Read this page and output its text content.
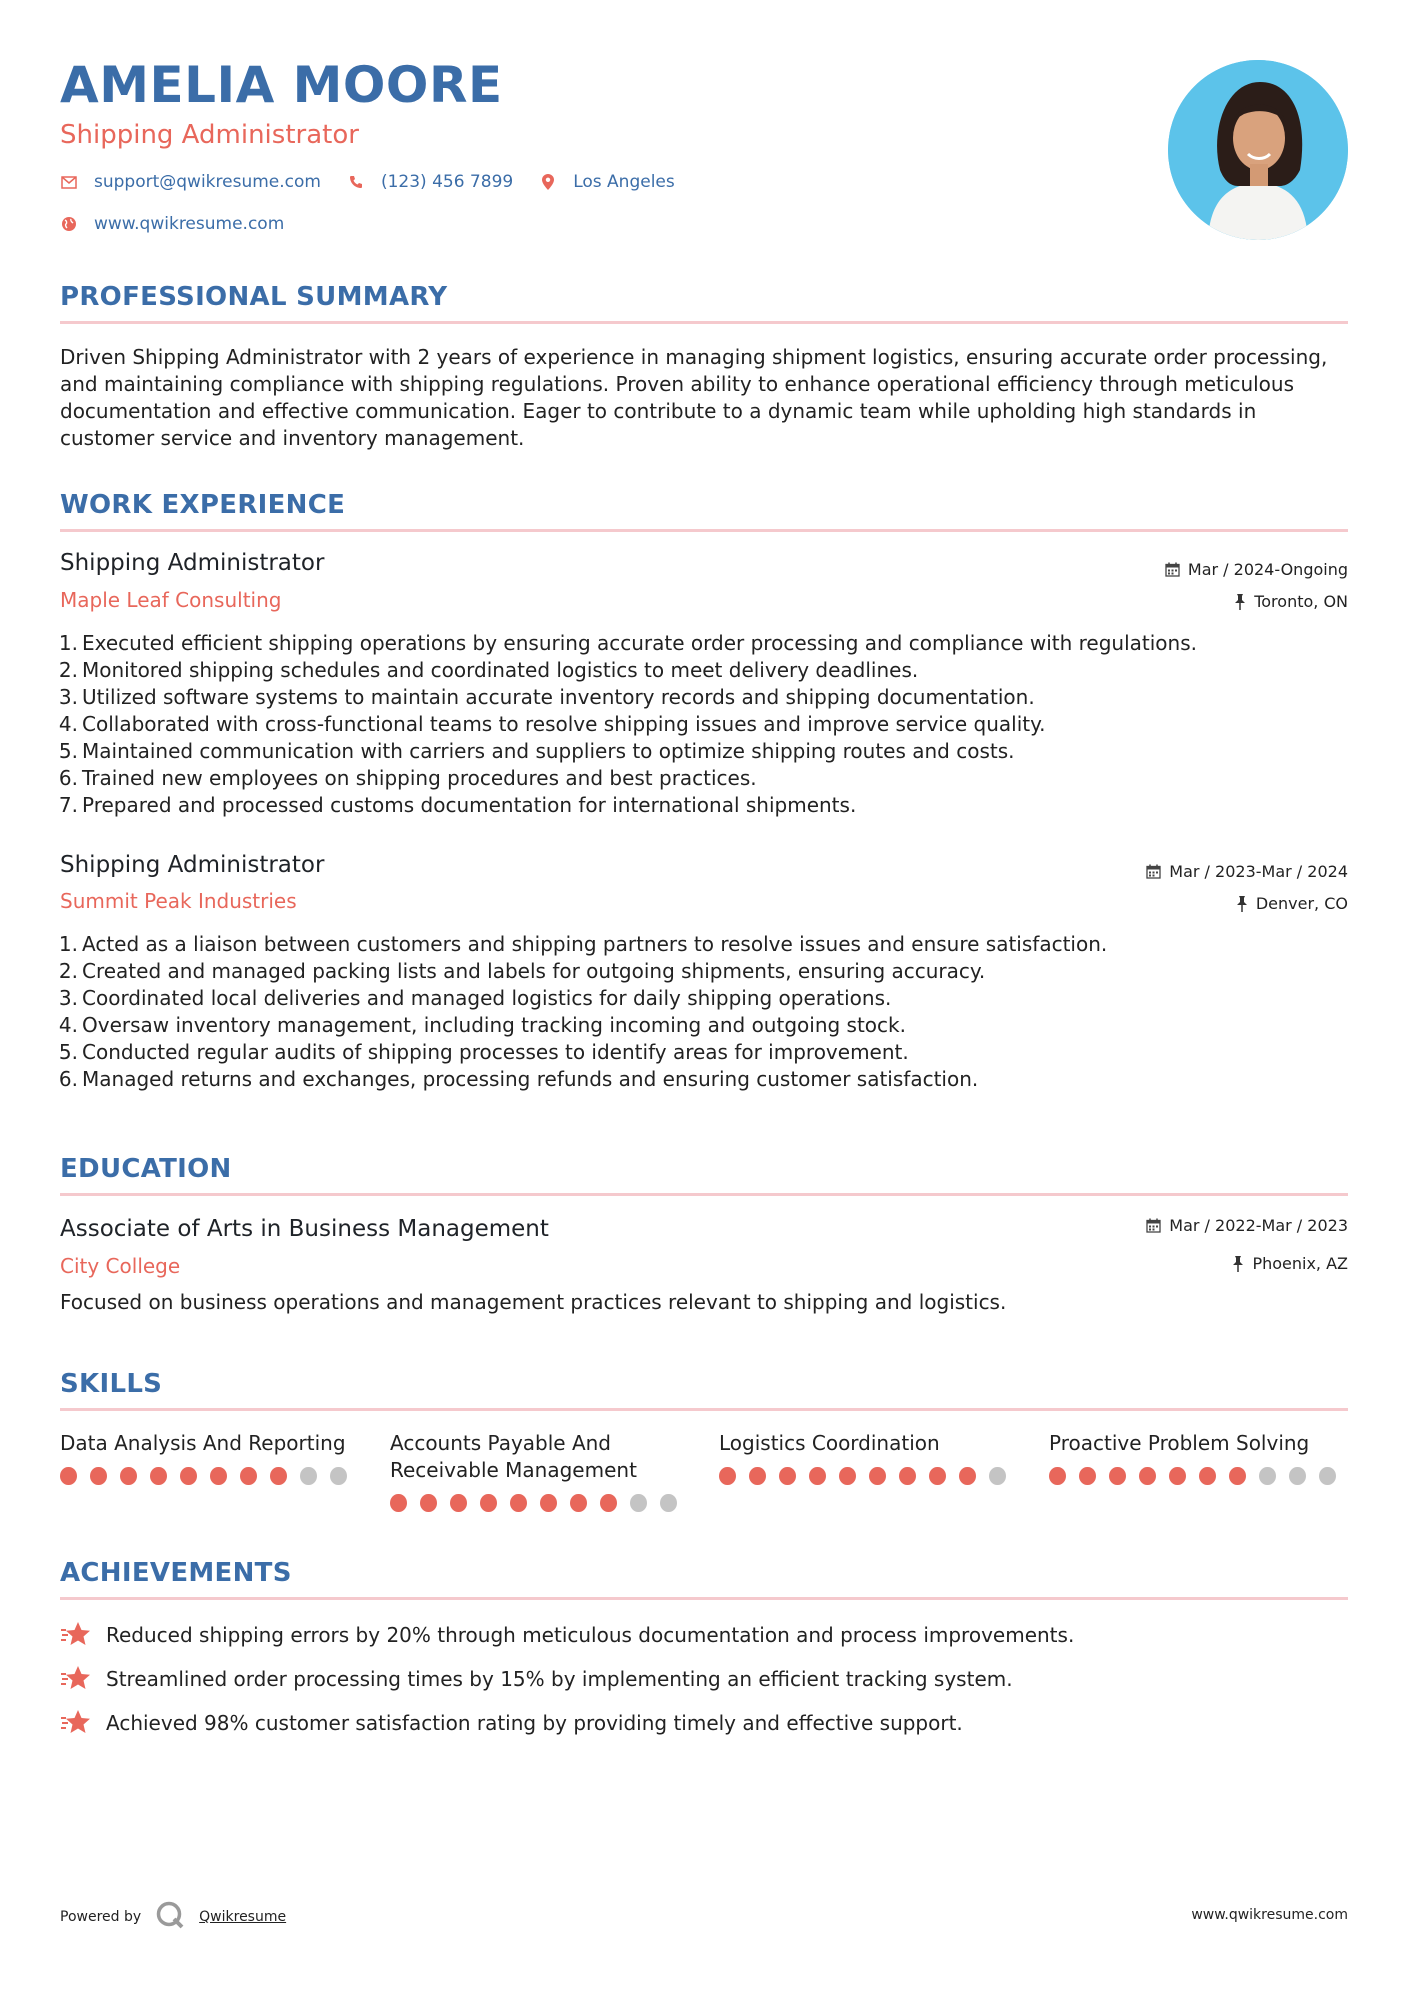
AMELIA MOORE
Shipping Administrator
support@qwikresume.com	(123) 456 7899	Los Angeles
www.qwikresume.com
PROFESSIONAL SUMMARY
Driven Shipping Administrator with 2 years of experience in managing shipment logistics, ensuring accurate order processing, and maintaining compliance with shipping regulations. Proven ability to enhance operational efficiency through meticulous documentation and effective communication. Eager to contribute to a dynamic team while upholding high standards in customer service and inventory management.
WORK EXPERIENCE
Shipping Administrator
Maple Leaf Consulting
Mar / 2024-Ongoing
Toronto, ON
1. Executed efficient shipping operations by ensuring accurate order processing and compliance with regulations.
2. Monitored shipping schedules and coordinated logistics to meet delivery deadlines.
3. Utilized software systems to maintain accurate inventory records and shipping documentation.
4. Collaborated with cross-functional teams to resolve shipping issues and improve service quality.
5. Maintained communication with carriers and suppliers to optimize shipping routes and costs.
6. Trained new employees on shipping procedures and best practices.
7. Prepared and processed customs documentation for international shipments.
Shipping Administrator
Summit Peak Industries
Mar / 2023-Mar / 2024
Denver, CO
1. Acted as a liaison between customers and shipping partners to resolve issues and ensure satisfaction.
2. Created and managed packing lists and labels for outgoing shipments, ensuring accuracy.
3. Coordinated local deliveries and managed logistics for daily shipping operations.
4. Oversaw inventory management, including tracking incoming and outgoing stock.
5. Conducted regular audits of shipping processes to identify areas for improvement.
6. Managed returns and exchanges, processing refunds and ensuring customer satisfaction.
EDUCATION
Associate of Arts in Business Management
City College
Mar / 2022-Mar / 2023
Phoenix, AZ
Focused on business operations and management practices relevant to shipping and logistics.
SKILLS
Data Analysis And Reporting	Accounts Payable And Receivable Management
Logistics Coordination	Proactive Problem Solving
ACHIEVEMENTS
Reduced shipping errors by 20% through meticulous documentation and process improvements.
Streamlined order processing times by 15% by implementing an efficient tracking system.
Achieved 98% customer satisfaction rating by providing timely and effective support.
Powered by	Qwikresume	www.qwikresume.com
